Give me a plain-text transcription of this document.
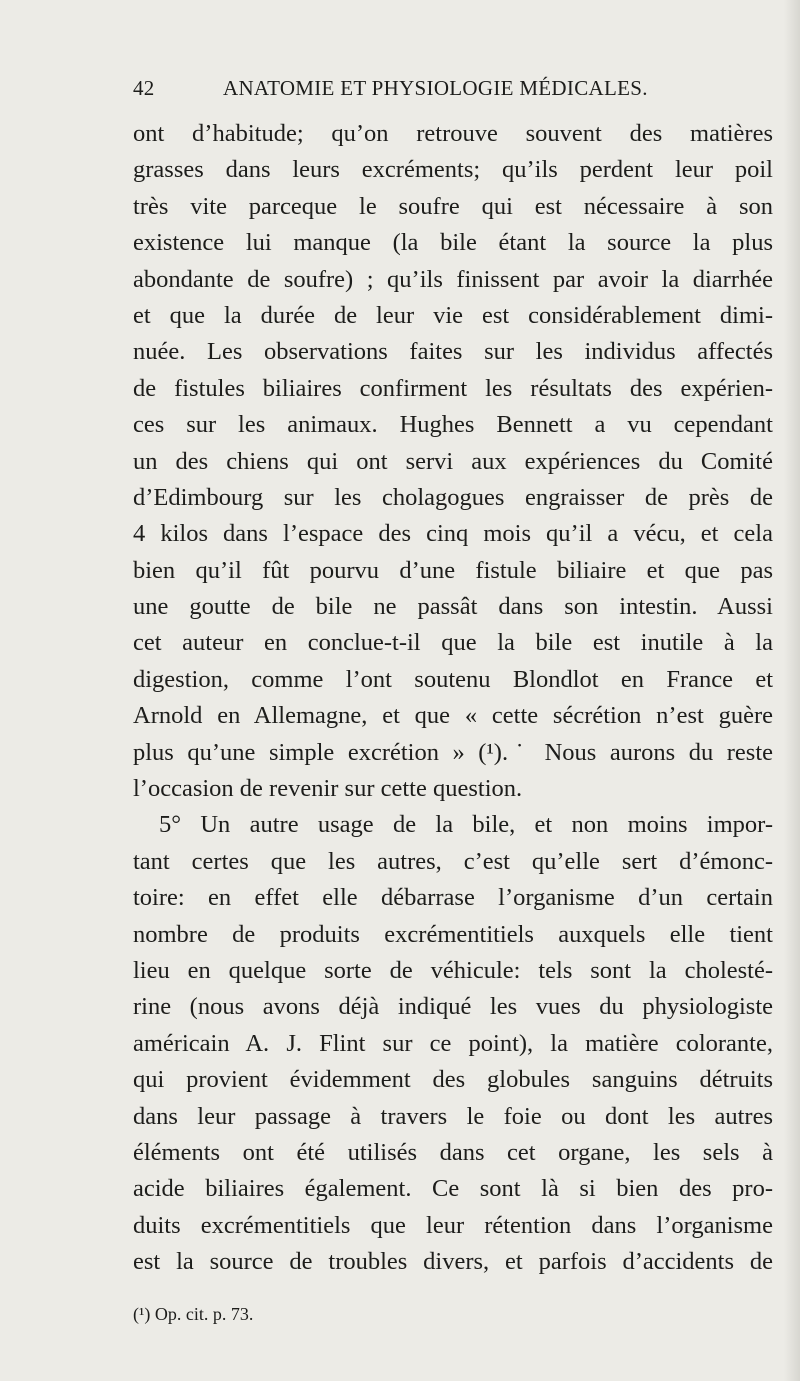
42	ANATOMIE ET PHYSIOLOGIE MÉDICALES.
ont d’habitude; qu’on retrouve souvent des matières
grasses dans leurs excréments; qu’ils perdent leur poil
très vite parceque le soufre qui est nécessaire à son
existence lui manque (la bile étant la source la plus
abondante de soufre) ; qu’ils finissent par avoir la diarrhée
et que la durée de leur vie est considérablement dimi-
nuée. Les observations faites sur les individus affectés
de fistules biliaires confirment les résultats des expérien-
ces sur les animaux. Hughes Bennett a vu cependant
un des chiens qui ont servi aux expériences du Comité
d’Edimbourg sur les cholagogues engraisser de près de
4 kilos dans l’espace des cinq mois qu’il a vécu, et cela
bien qu’il fût pourvu d’une fistule biliaire et que pas
une goutte de bile ne passât dans son intestin. Aussi
cet auteur en conclue-t-il que la bile est inutile à la
digestion, comme l’ont soutenu Blondlot en France et
Arnold en Allemagne, et que « cette sécrétion n’est guère
plus qu’une simple excrétion » (¹).˙ Nous aurons du reste
l’occasion de revenir sur cette question.
5° Un autre usage de la bile, et non moins impor-
tant certes que les autres, c’est qu’elle sert d’émonc-
toire: en effet elle débarrase l’organisme d’un certain
nombre de produits excrémentitiels auxquels elle tient
lieu en quelque sorte de véhicule: tels sont la cholesté-
rine (nous avons déjà indiqué les vues du physiologiste
américain A. J. Flint sur ce point), la matière colorante,
qui provient évidemment des globules sanguins détruits
dans leur passage à travers le foie ou dont les autres
éléments ont été utilisés dans cet organe, les sels à
acide biliaires également. Ce sont là si bien des pro-
duits excrémentitiels que leur rétention dans l’organisme
est la source de troubles divers, et parfois d’accidents de
(¹) Op. cit. p. 73.
